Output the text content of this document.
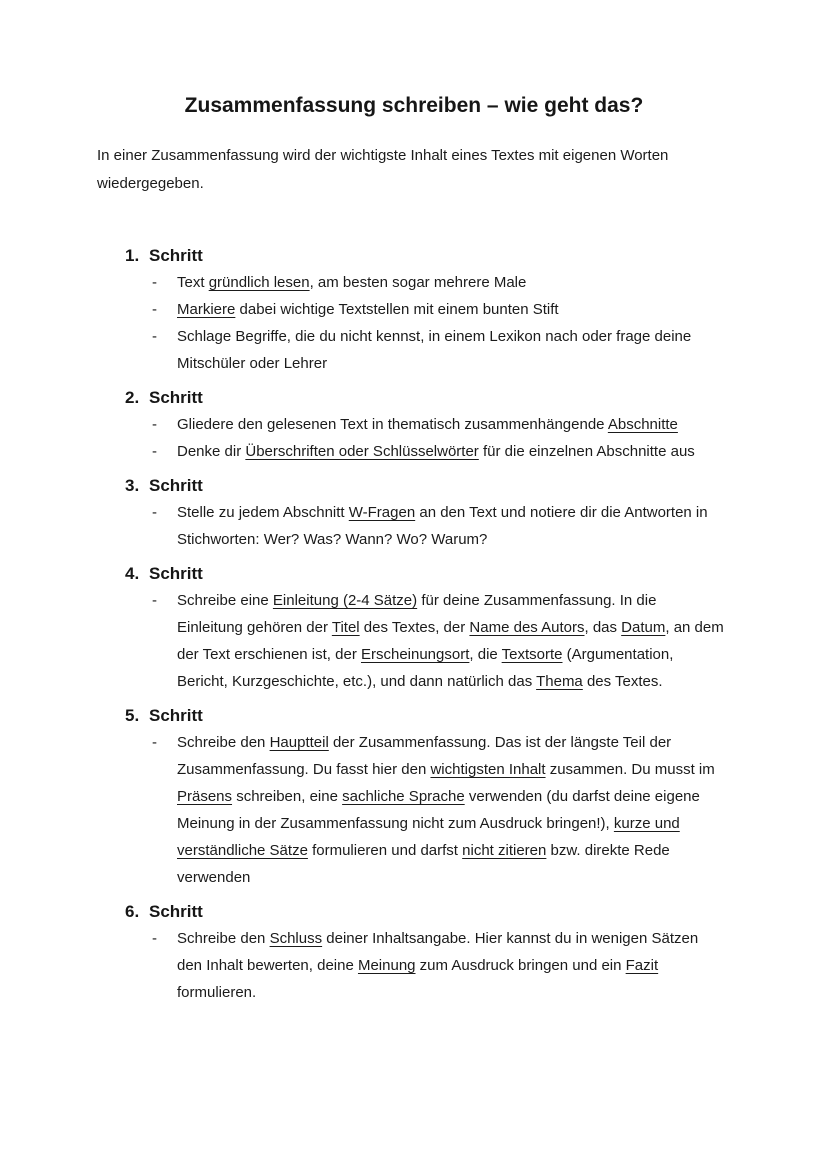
Zusammenfassung schreiben – wie geht das?

In einer Zusammenfassung wird der wichtigste Inhalt eines Textes mit eigenen Worten wiedergegeben.

1. Schritt
-	Text gründlich lesen, am besten sogar mehrere Male
-	Markiere dabei wichtige Textstellen mit einem bunten Stift
-	Schlage Begriffe, die du nicht kennst, in einem Lexikon nach oder frage deine Mitschüler oder Lehrer
2. Schritt
-	Gliedere den gelesenen Text in thematisch zusammenhängende Abschnitte
-	Denke dir Überschriften oder Schlüsselwörter für die einzelnen Abschnitte aus
3. Schritt
-	Stelle zu jedem Abschnitt W-Fragen an den Text und notiere dir die Antworten in Stichworten: Wer? Was? Wann? Wo? Warum?
4. Schritt
-	Schreibe eine Einleitung (2-4 Sätze) für deine Zusammenfassung. In die Einleitung gehören der Titel des Textes, der Name des Autors, das Datum, an dem der Text erschienen ist, der Erscheinungsort, die Textsorte (Argumentation, Bericht, Kurzgeschichte, etc.), und dann natürlich das Thema des Textes.
5. Schritt
-	Schreibe den Hauptteil der Zusammenfassung. Das ist der längste Teil der Zusammenfassung. Du fasst hier den wichtigsten Inhalt zusammen. Du musst im Präsens schreiben, eine sachliche Sprache verwenden (du darfst deine eigene Meinung in der Zusammenfassung nicht zum Ausdruck bringen!), kurze und verständliche Sätze formulieren und darfst nicht zitieren bzw. direkte Rede verwenden
6. Schritt
-	Schreibe den Schluss deiner Inhaltsangabe. Hier kannst du in wenigen Sätzen den Inhalt bewerten, deine Meinung zum Ausdruck bringen und ein Fazit formulieren.
